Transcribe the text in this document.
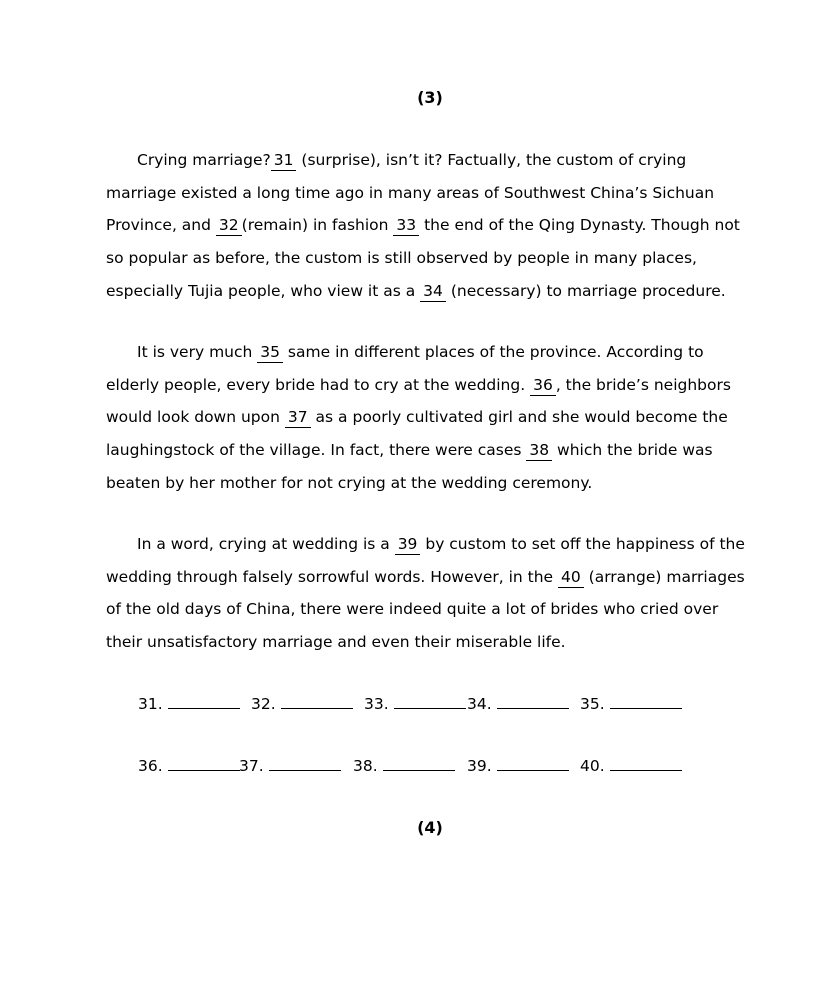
(3)

Crying marriage? 31 (surprise), isn’t it? Factually, the custom of crying marriage existed a long time ago in many areas of Southwest China’s Sichuan Province, and 32 (remain) in fashion 33 the end of the Qing Dynasty. Though not so popular as before, the custom is still observed by people in many places, especially Tujia people, who view it as a 34 (necessary) to marriage procedure.

It is very much 35 same in different places of the province. According to elderly people, every bride had to cry at the wedding. 36 , the bride’s neighbors would look down upon 37 as a poorly cultivated girl and she would become the laughingstock of the village. In fact, there were cases 38 which the bride was beaten by her mother for not crying at the wedding ceremony.

In a word, crying at wedding is a 39 by custom to set off the happiness of the wedding through falsely sorrowful words. However, in the 40 (arrange) marriages of the old days of China, there were indeed quite a lot of brides who cried over their unsatisfactory marriage and even their miserable life.

31.	32.	33.	34.	35.
36.	37.	38.	39.	40.
(4)
